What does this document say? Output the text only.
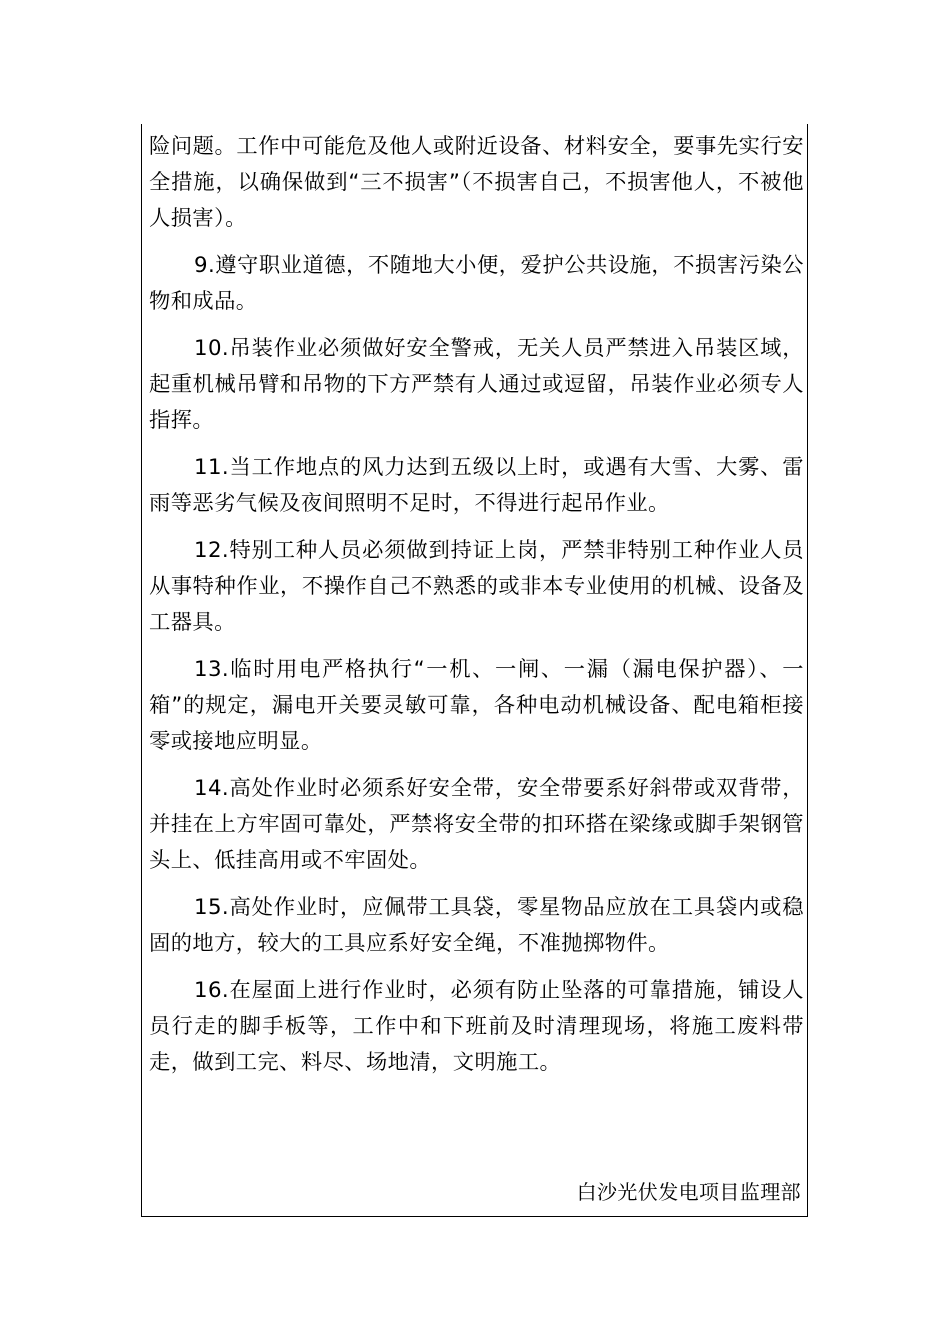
险问题。工作中可能危及他人或附近设备、材料安全，要事先实行安全措施，以确保做到“三不损害”（不损害自己，不损害他人，不被他人损害）。

9.遵守职业道德，不随地大小便，爱护公共设施，不损害污染公物和成品。

10.吊装作业必须做好安全警戒，无关人员严禁进入吊装区域，起重机械吊臂和吊物的下方严禁有人通过或逗留，吊装作业必须专人指挥。

11.当工作地点的风力达到五级以上时，或遇有大雪、大雾、雷雨等恶劣气候及夜间照明不足时，不得进行起吊作业。

12.特别工种人员必须做到持证上岗，严禁非特别工种作业人员从事特种作业，不操作自己不熟悉的或非本专业使用的机械、设备及工器具。

13.临时用电严格执行“一机、一闸、一漏（漏电保护器）、一箱”的规定，漏电开关要灵敏可靠，各种电动机械设备、配电箱柜接零或接地应明显。

14.高处作业时必须系好安全带，安全带要系好斜带或双背带，并挂在上方牢固可靠处，严禁将安全带的扣环搭在梁缘或脚手架钢管头上、低挂高用或不牢固处。

15.高处作业时，应佩带工具袋，零星物品应放在工具袋内或稳固的地方，较大的工具应系好安全绳，不准抛掷物件。

16.在屋面上进行作业时，必须有防止坠落的可靠措施，铺设人员行走的脚手板等，工作中和下班前及时清理现场，将施工废料带走，做到工完、料尽、场地清，文明施工。

白沙光伏发电项目监理部
